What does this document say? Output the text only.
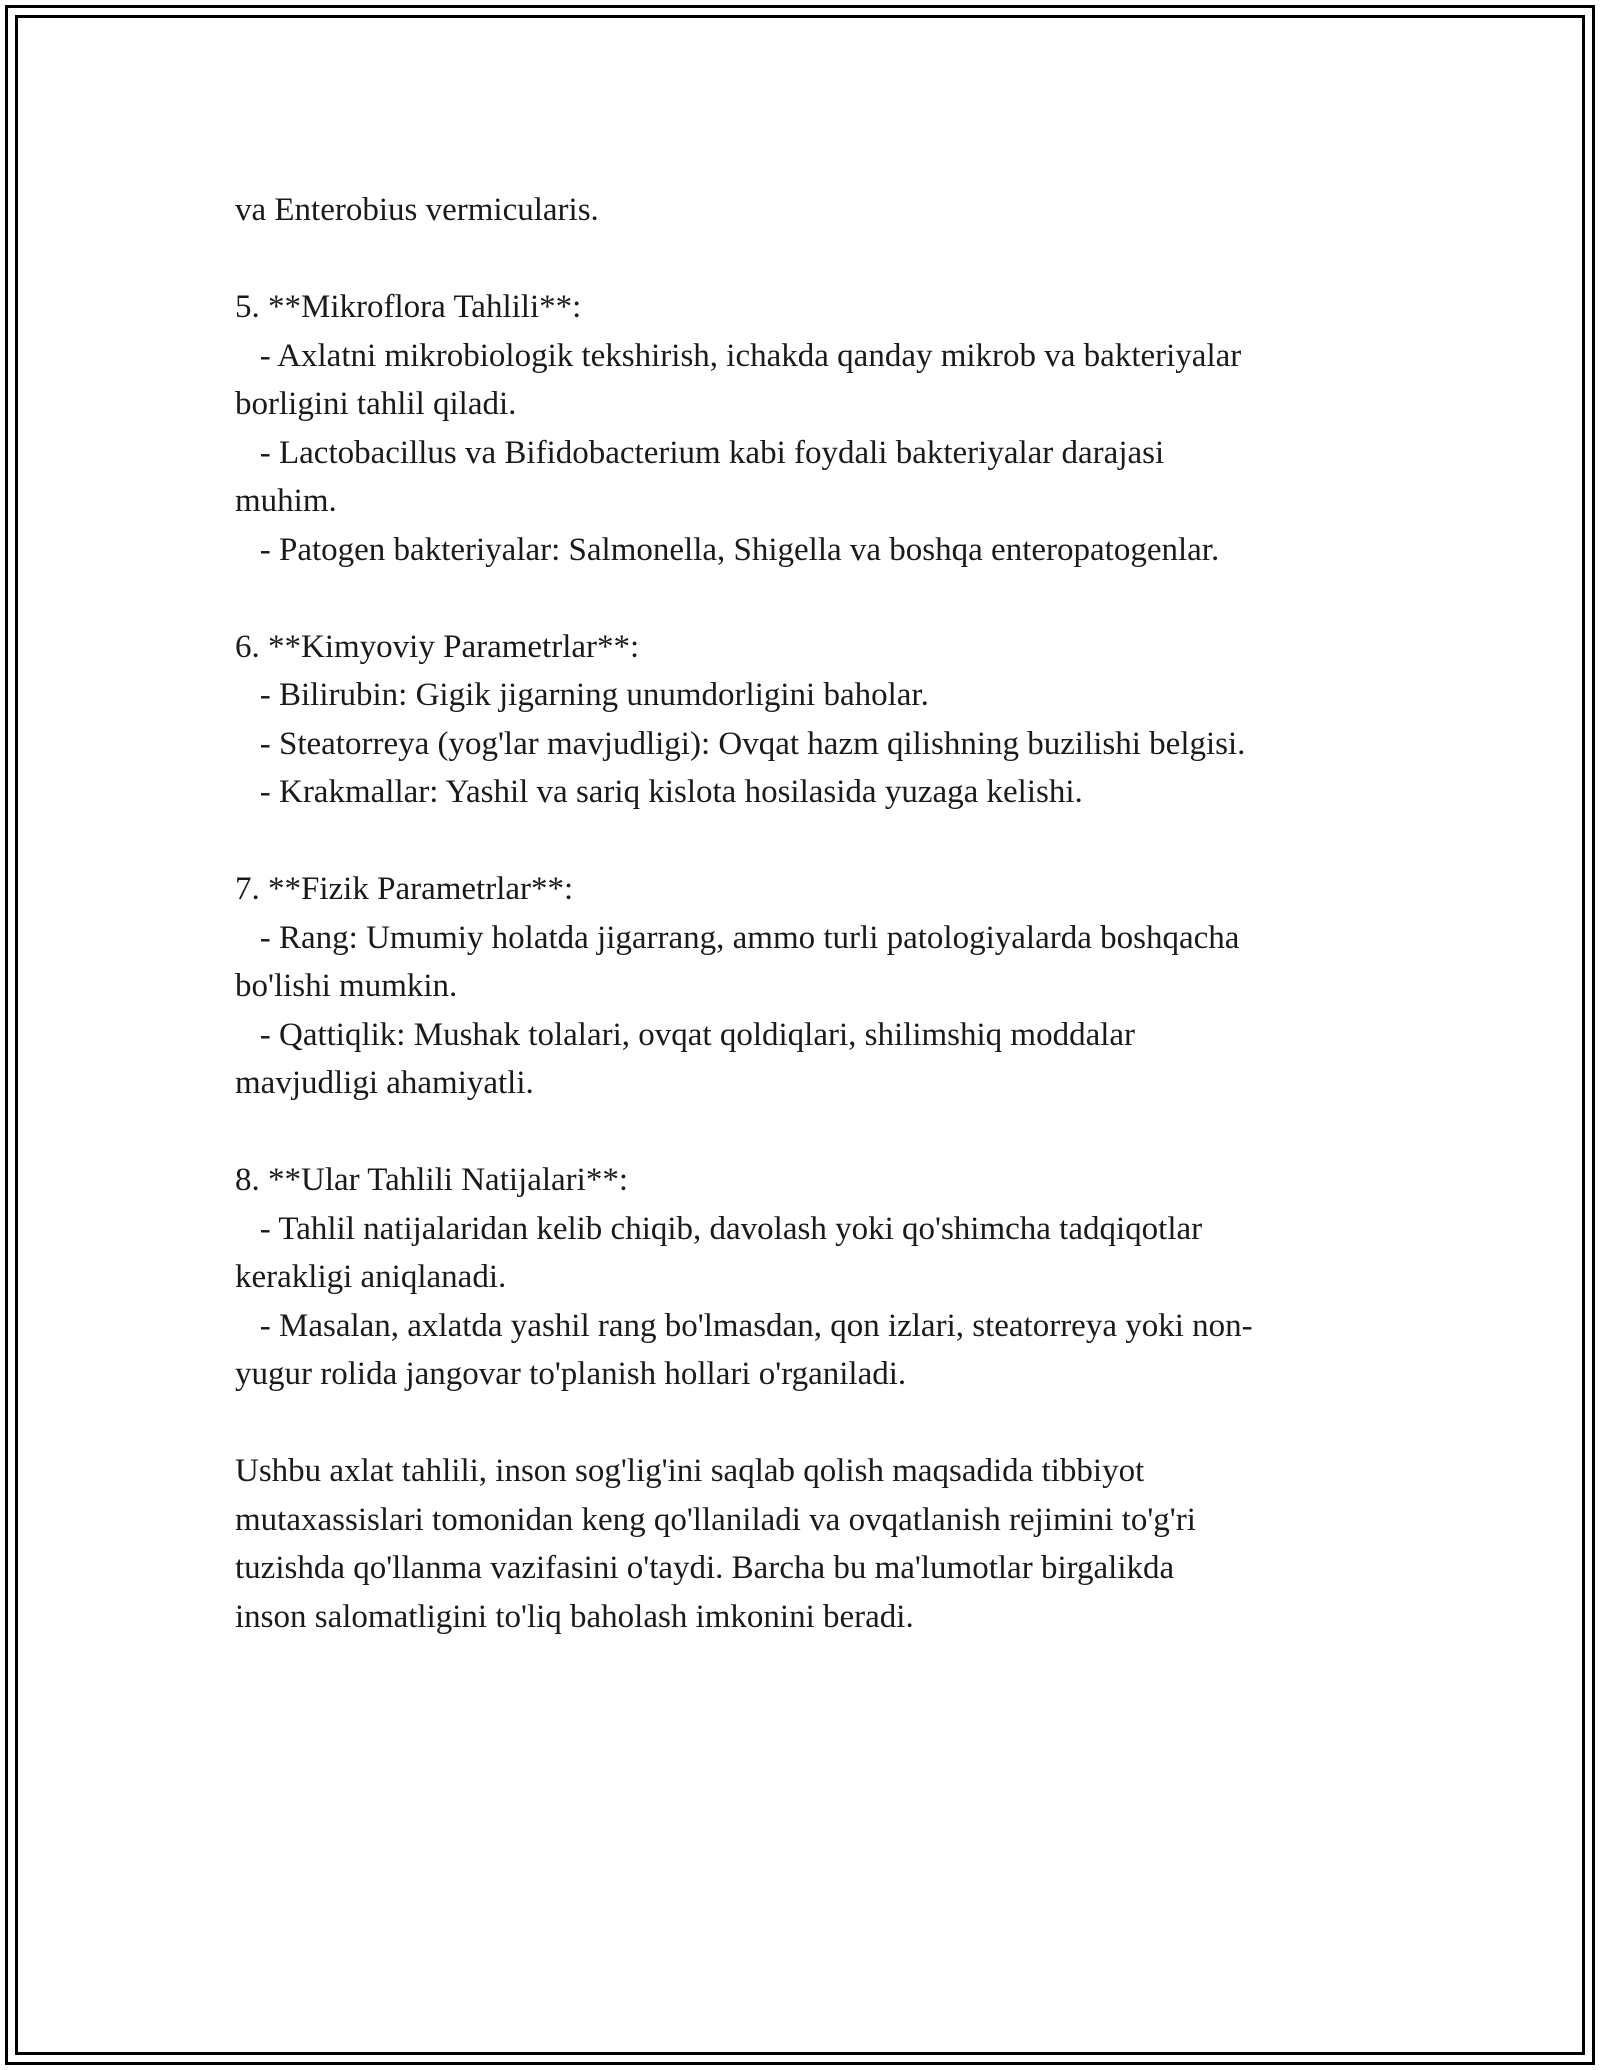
va Enterobius vermicularis.
5. **Mikroflora Tahlili**:
- Axlatni mikrobiologik tekshirish, ichakda qanday mikrob va bakteriyalar
borligini tahlil qiladi.
- Lactobacillus va Bifidobacterium kabi foydali bakteriyalar darajasi
muhim.
- Patogen bakteriyalar: Salmonella, Shigella va boshqa enteropatogenlar.
6. **Kimyoviy Parametrlar**:
- Bilirubin: Gigik jigarning unumdorligini baholar.
- Steatorreya (yog'lar mavjudligi): Ovqat hazm qilishning buzilishi belgisi.
- Krakmallar: Yashil va sariq kislota hosilasida yuzaga kelishi.
7. **Fizik Parametrlar**:
- Rang: Umumiy holatda jigarrang, ammo turli patologiyalarda boshqacha
bo'lishi mumkin.
- Qattiqlik: Mushak tolalari, ovqat qoldiqlari, shilimshiq moddalar
mavjudligi ahamiyatli.
8. **Ular Tahlili Natijalari**:
- Tahlil natijalaridan kelib chiqib, davolash yoki qo'shimcha tadqiqotlar
kerakligi aniqlanadi.
- Masalan, axlatda yashil rang bo'lmasdan, qon izlari, steatorreya yoki non-
yugur rolida jangovar to'planish hollari o'rganiladi.
Ushbu axlat tahlili, inson sog'lig'ini saqlab qolish maqsadida tibbiyot
mutaxassislari tomonidan keng qo'llaniladi va ovqatlanish rejimini to'g'ri
tuzishda qo'llanma vazifasini o'taydi. Barcha bu ma'lumotlar birgalikda
inson salomatligini to'liq baholash imkonini beradi.
